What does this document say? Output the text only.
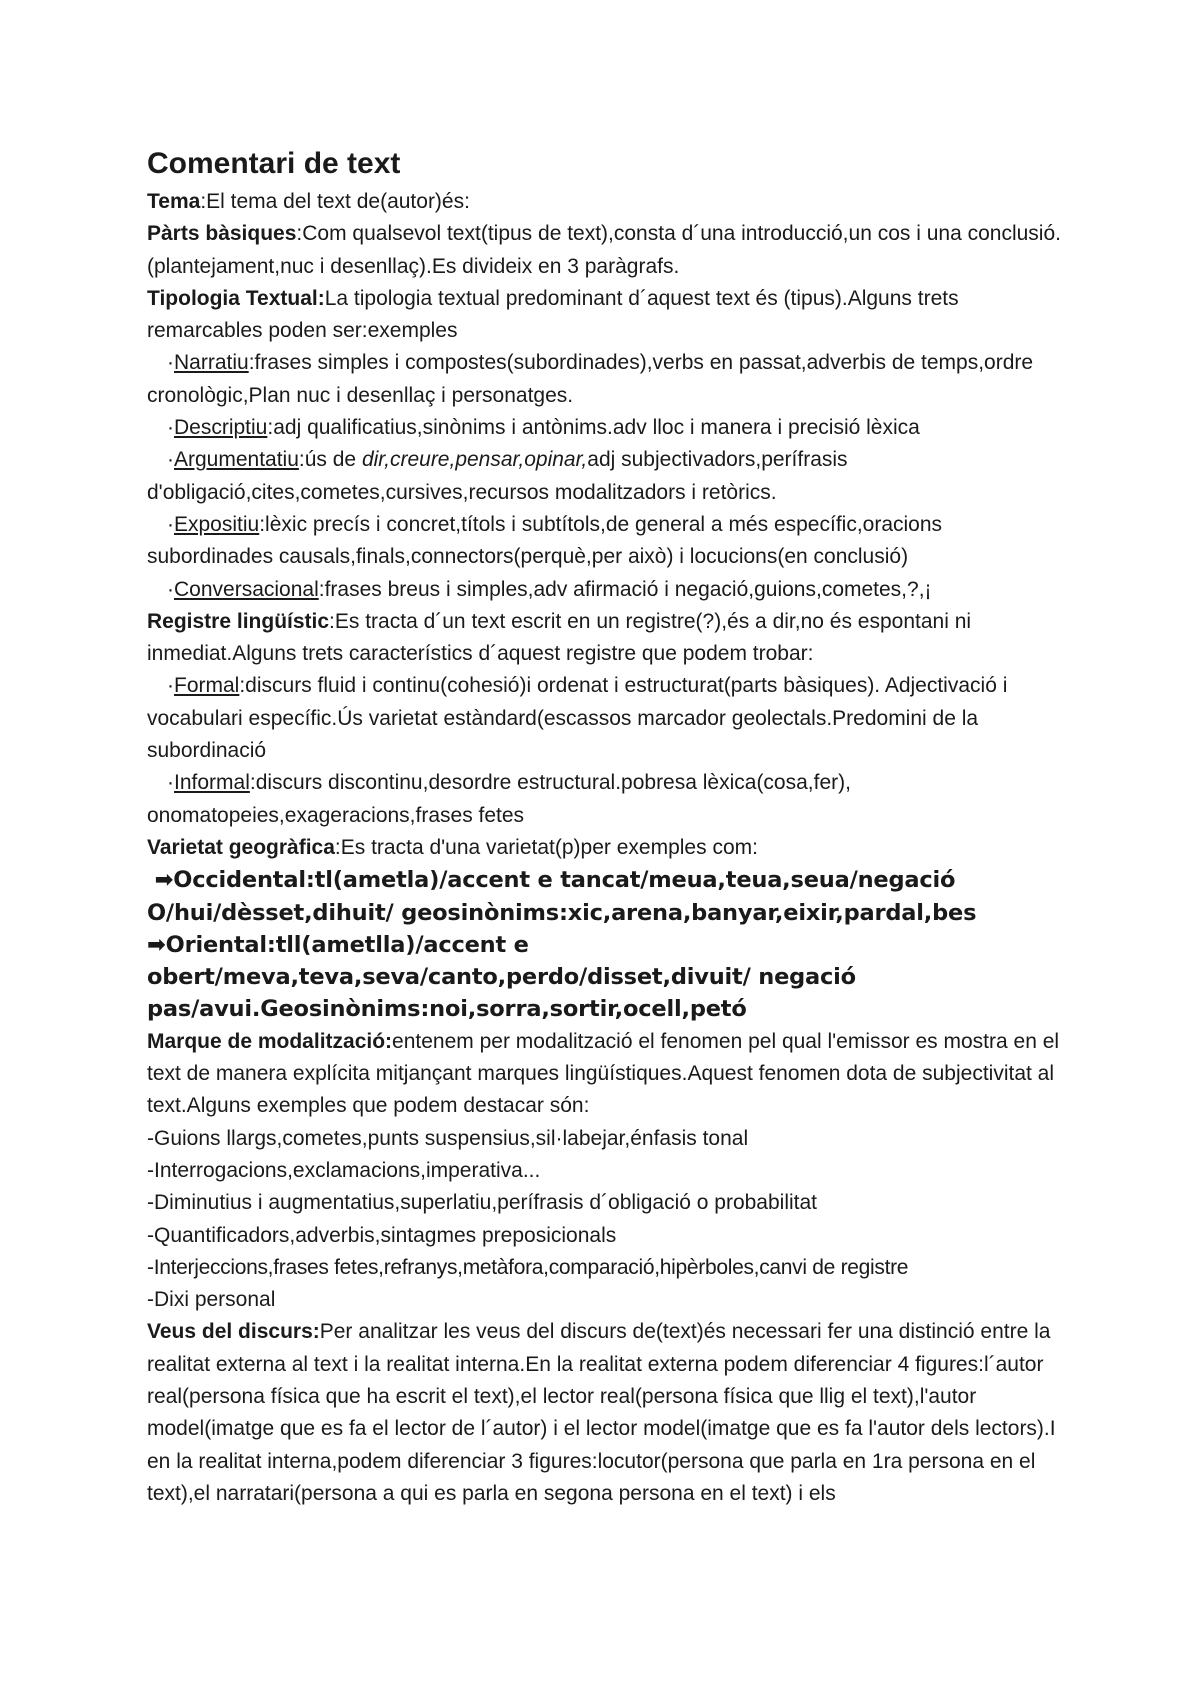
Comentari de text

Tema:El tema del text de(autor)és:

Pàrts bàsiques:Com qualsevol text(tipus de text),consta d´una introducció,un cos i una conclusió.(plantejament,nuc i desenllaç).Es divideix en 3 paràgrafs.

Tipologia Textual:La tipologia textual predominant d´aquest text és (tipus).Alguns trets remarcables poden ser:exemples

·Narratiu:frases simples i compostes(subordinades),verbs en passat,adverbis de temps,ordre cronològic,Plan nuc i desenllaç i personatges.

·Descriptiu:adj qualificatius,sinònims i antònims.adv lloc i manera i precisió lèxica

·Argumentatiu:ús de dir,creure,pensar,opinar,adj subjectivadors,perífrasis d'obligació,cites,cometes,cursives,recursos modalitzadors i retòrics.

·Expositiu:lèxic precís i concret,títols i subtítols,de general a més específic,oracions subordinades causals,finals,connectors(perquè,per això) i locucions(en conclusió)

·Conversacional:frases breus i simples,adv afirmació i negació,guions,cometes,?,¡

Registre lingüístic:Es tracta d´un text escrit en un registre(?),és a dir,no és espontani ni inmediat.Alguns trets característics d´aquest registre que podem trobar:

·Formal:discurs fluid i continu(cohesió)i ordenat i estructurat(parts bàsiques). Adjectivació i vocabulari específic.Ús varietat estàndard(escassos marcador geolectals.Predomini de la subordinació

·Informal:discurs discontinu,desordre estructural.pobresa lèxica(cosa,fer), onomatopeies,exageracions,frases fetes

Varietat geogràfica:Es tracta d'una varietat(p)per exemples com:

➡Occidental:tl(ametla)/accent e tancat/meua,teua,seua/negació O/hui/dèsset,dihuit/ geosinònims:xic,arena,banyar,eixir,pardal,bes

➡Oriental:tll(ametlla)/accent e obert/meva,teva,seva/canto,perdo/disset,divuit/ negació pas/avui.Geosinònims:noi,sorra,sortir,ocell,petó

Marque de modalització:entenem per modalització el fenomen pel qual l'emissor es mostra en el text de manera explícita mitjançant marques lingüístiques.Aquest fenomen dota de subjectivitat al text.Alguns exemples que podem destacar són:

-Guions llargs,cometes,punts suspensius,sil·labejar,énfasis tonal

-Interrogacions,exclamacions,imperativa...

-Diminutius i augmentatius,superlatiu,perífrasis d´obligació o probabilitat

-Quantificadors,adverbis,sintagmes preposicionals

-Interjeccions,frases fetes,refranys,metàfora,comparació,hipèrboles,canvi de registre

-Dixi personal

Veus del discurs:Per analitzar les veus del discurs de(text)és necessari fer una distinció entre la realitat externa al text i la realitat interna.En la realitat externa podem diferenciar 4 figures:l´autor real(persona física que ha escrit el text),el lector real(persona física que llig el text),l'autor model(imatge que es fa el lector de l´autor) i el lector model(imatge que es fa l'autor dels lectors).I en la realitat interna,podem diferenciar 3 figures:locutor(persona que parla en 1ra persona en el text),el narratari(persona a qui es parla en segona persona en el text) i els
